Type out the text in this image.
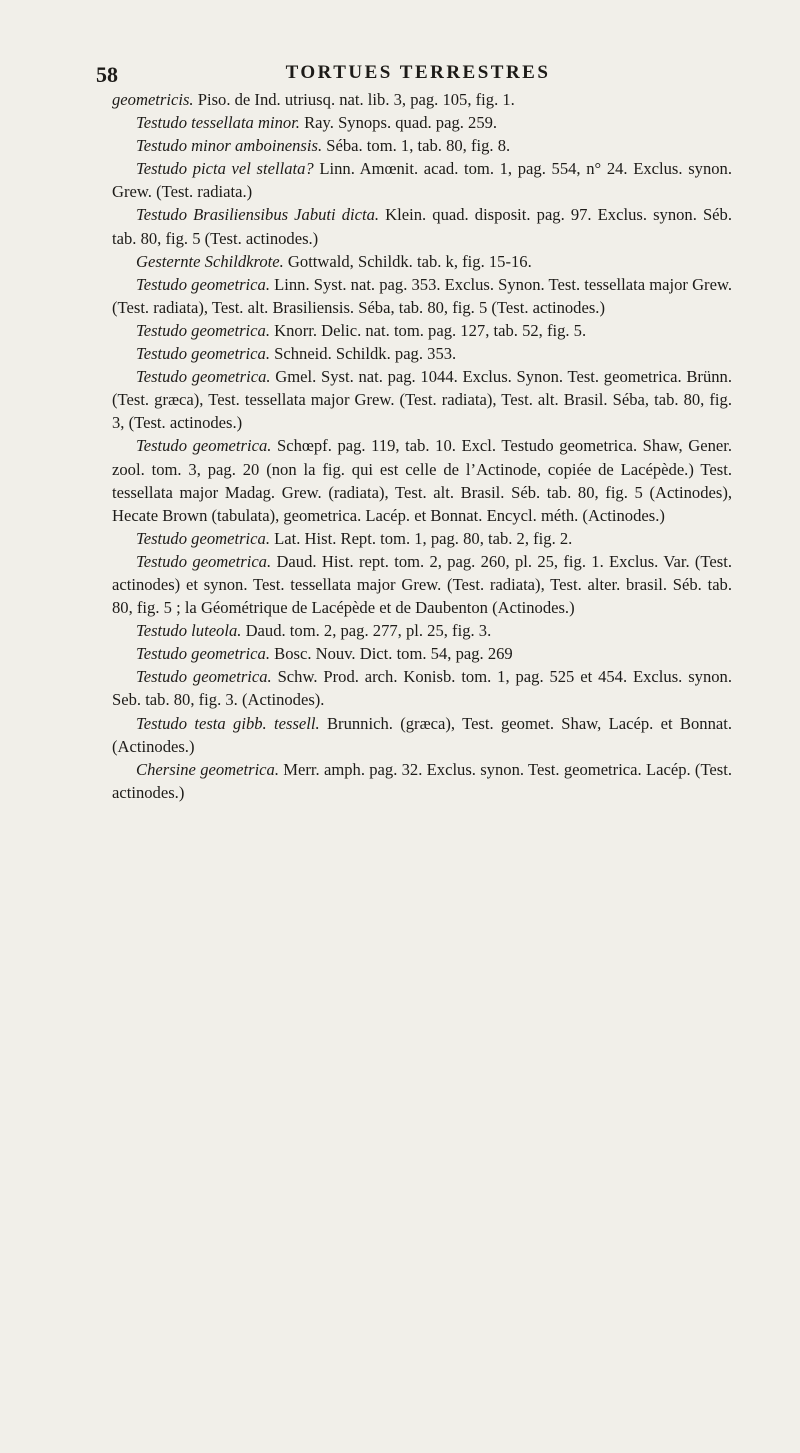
58	TORTUES TERRESTRES

geometricis. Piso. de Ind. utriusq. nat. lib. 3, pag. 105, fig. 1.

Testudo tessellata minor. Ray. Synops. quad. pag. 259.

Testudo minor amboinensis. Séba. tom. 1, tab. 80, fig. 8.

Testudo picta vel stellata? Linn. Amœnit. acad. tom. 1, pag. 554, n° 24. Exclus. synon. Grew. (Test. radiata.)

Testudo Brasiliensibus Jabuti dicta. Klein. quad. disposit. pag. 97. Exclus. synon. Séb. tab. 80, fig. 5 (Test. actinodes.)

Gesternte Schildkrote. Gottwald, Schildk. tab. k, fig. 15-16.

Testudo geometrica. Linn. Syst. nat. pag. 353. Exclus. Synon. Test. tessellata major Grew. (Test. radiata), Test. alt. Brasiliensis. Séba, tab. 80, fig. 5 (Test. actinodes.)

Testudo geometrica. Knorr. Delic. nat. tom. pag. 127, tab. 52, fig. 5.

Testudo geometrica. Schneid. Schildk. pag. 353.

Testudo geometrica. Gmel. Syst. nat. pag. 1044. Exclus. Synon. Test. geometrica. Brünn. (Test. græca), Test. tessellata major Grew. (Test. radiata), Test. alt. Brasil. Séba, tab. 80, fig. 3, (Test. actinodes.)

Testudo geometrica. Schœpf. pag. 119, tab. 10. Excl. Testudo geometrica. Shaw, Gener. zool. tom. 3, pag. 20 (non la fig. qui est celle de l’Actinode, copiée de Lacépède.) Test. tessellata major Madag. Grew. (radiata), Test. alt. Brasil. Séb. tab. 80, fig. 5 (Actinodes), Hecate Brown (tabulata), geometrica. Lacép. et Bonnat. Encycl. méth. (Actinodes.)

Testudo geometrica. Lat. Hist. Rept. tom. 1, pag. 80, tab. 2, fig. 2.

Testudo geometrica. Daud. Hist. rept. tom. 2, pag. 260, pl. 25, fig. 1. Exclus. Var. (Test. actinodes) et synon. Test. tessellata major Grew. (Test. radiata), Test. alter. brasil. Séb. tab. 80, fig. 5 ; la Géométrique de Lacépède et de Daubenton (Actinodes.)

Testudo luteola. Daud. tom. 2, pag. 277, pl. 25, fig. 3.

Testudo geometrica. Bosc. Nouv. Dict. tom. 54, pag. 269

Testudo geometrica. Schw. Prod. arch. Konisb. tom. 1, pag. 525 et 454. Exclus. synon. Seb. tab. 80, fig. 3. (Actinodes).

Testudo testa gibb. tessell. Brunnich. (græca), Test. geomet. Shaw, Lacép. et Bonnat. (Actinodes.)

Chersine geometrica. Merr. amph. pag. 32. Exclus. synon. Test. geometrica. Lacép. (Test. actinodes.)
